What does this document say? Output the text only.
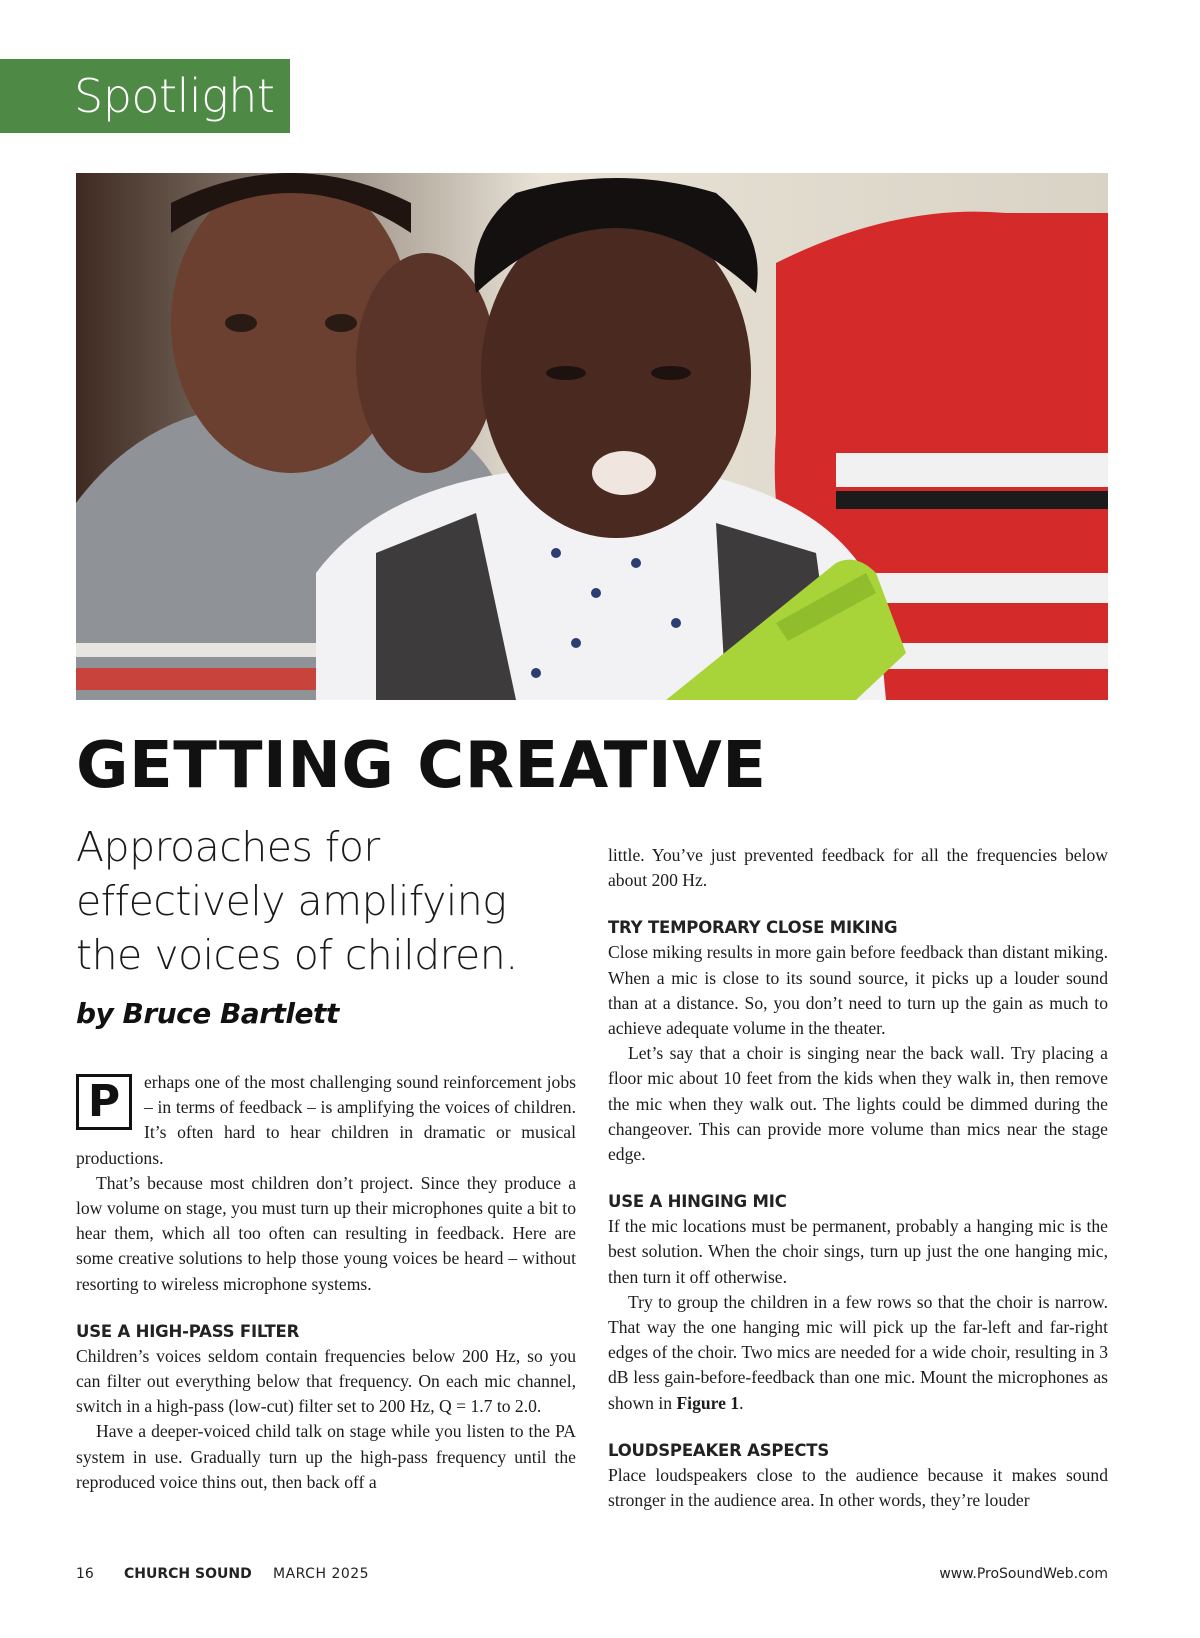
Spotlight
GETTING CREATIVE
Approaches for effectively amplifying the voices of children.

by Bruce Bartlett

P	erhaps one of the most challenging sound reinforcement jobs – in terms of feedback – is amplifying the voices of children. It’s often hard to hear children in dramatic or musical productions.

That’s because most children don’t project. Since they produce a low volume on stage, you must turn up their microphones quite a bit to hear them, which all too often can resulting in feedback. Here are some creative solutions to help those young voices be heard – without resorting to wireless microphone systems.

USE A HIGH-PASS FILTER

Children’s voices seldom contain frequencies below 200 Hz, so you can filter out everything below that frequency. On each mic channel, switch in a high-pass (low-cut) filter set to 200 Hz, Q = 1.7 to 2.0.

Have a deeper-voiced child talk on stage while you listen to the PA system in use. Gradually turn up the high-pass frequency until the reproduced voice thins out, then back off a

little. You’ve just prevented feedback for all the frequencies below about 200 Hz.

TRY TEMPORARY CLOSE MIKING

Close miking results in more gain before feedback than distant miking. When a mic is close to its sound source, it picks up a louder sound than at a distance. So, you don’t need to turn up the gain as much to achieve adequate volume in the theater.

Let’s say that a choir is singing near the back wall. Try placing a floor mic about 10 feet from the kids when they walk in, then remove the mic when they walk out. The lights could be dimmed during the changeover. This can provide more volume than mics near the stage edge.

USE A HINGING MIC

If the mic locations must be permanent, probably a hanging mic is the best solution. When the choir sings, turn up just the one hanging mic, then turn it off otherwise.

Try to group the children in a few rows so that the choir is narrow. That way the one hanging mic will pick up the far-left and far-right edges of the choir. Two mics are needed for a wide choir, resulting in 3 dB less gain-before-feedback than one mic. Mount the microphones as shown in Figure 1.

LOUDSPEAKER ASPECTS

Place loudspeakers close to the audience because it makes sound stronger in the audience area. In other words, they’re louder

16 CHURCH SOUND MARCH 2025	www.ProSoundWeb.com
